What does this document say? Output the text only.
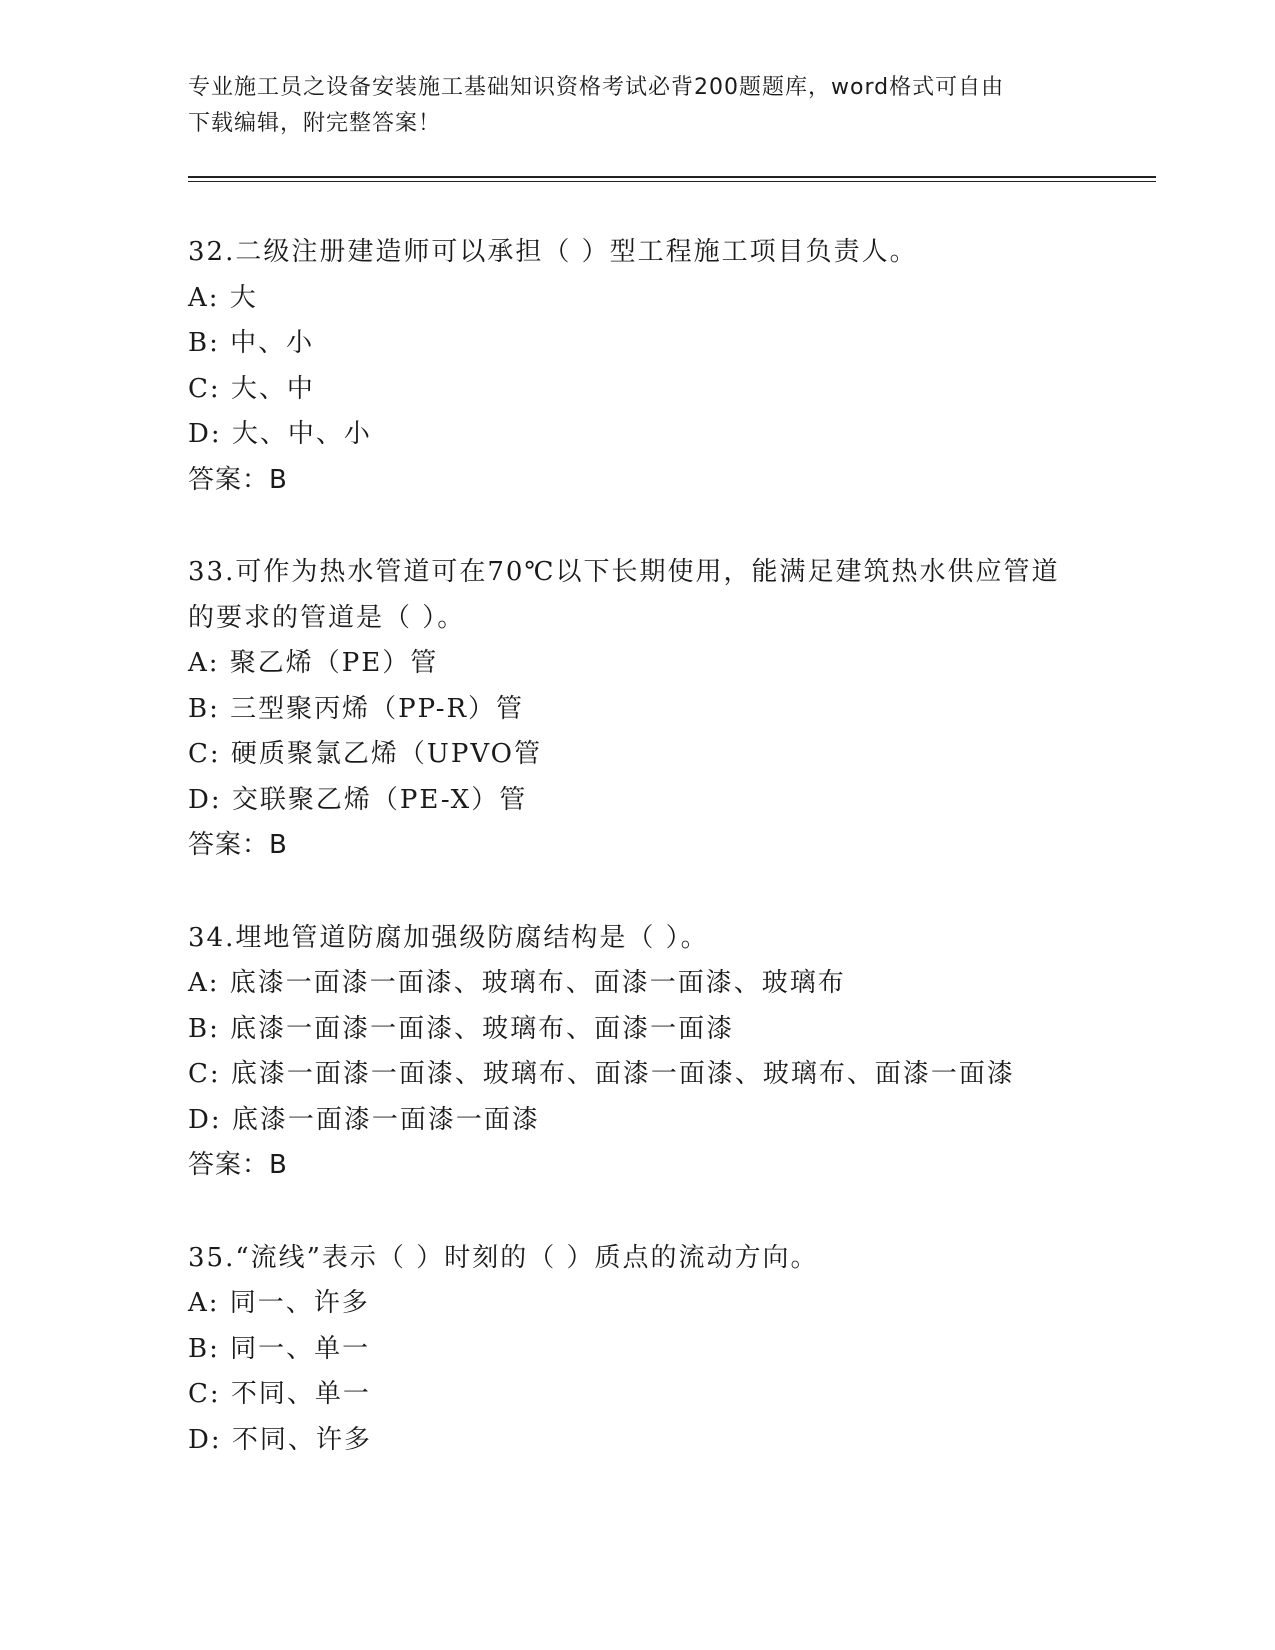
专业施工员之设备安装施工基础知识资格考试必背200题题库，word格式可自由
下载编辑，附完整答案！
32.二级注册建造师可以承担（ ）型工程施工项目负责人。
A: 大
B: 中、小
C: 大、中
D: 大、中、小
答案：B
33.可作为热水管道可在70℃以下长期使用，能满足建筑热水供应管道
的要求的管道是（ ）。
A: 聚乙烯（PE）管
B: 三型聚丙烯（PP-R）管
C: 硬质聚氯乙烯（UPVO管
D: 交联聚乙烯（PE-X）管
答案：B
34.埋地管道防腐加强级防腐结构是（ ）。
A: 底漆一面漆一面漆、玻璃布、面漆一面漆、玻璃布
B: 底漆一面漆一面漆、玻璃布、面漆一面漆
C: 底漆一面漆一面漆、玻璃布、面漆一面漆、玻璃布、面漆一面漆
D: 底漆一面漆一面漆一面漆
答案：B
35.“流线”表示（ ）时刻的（ ）质点的流动方向。
A: 同一、许多
B: 同一、单一
C: 不同、单一
D: 不同、许多
